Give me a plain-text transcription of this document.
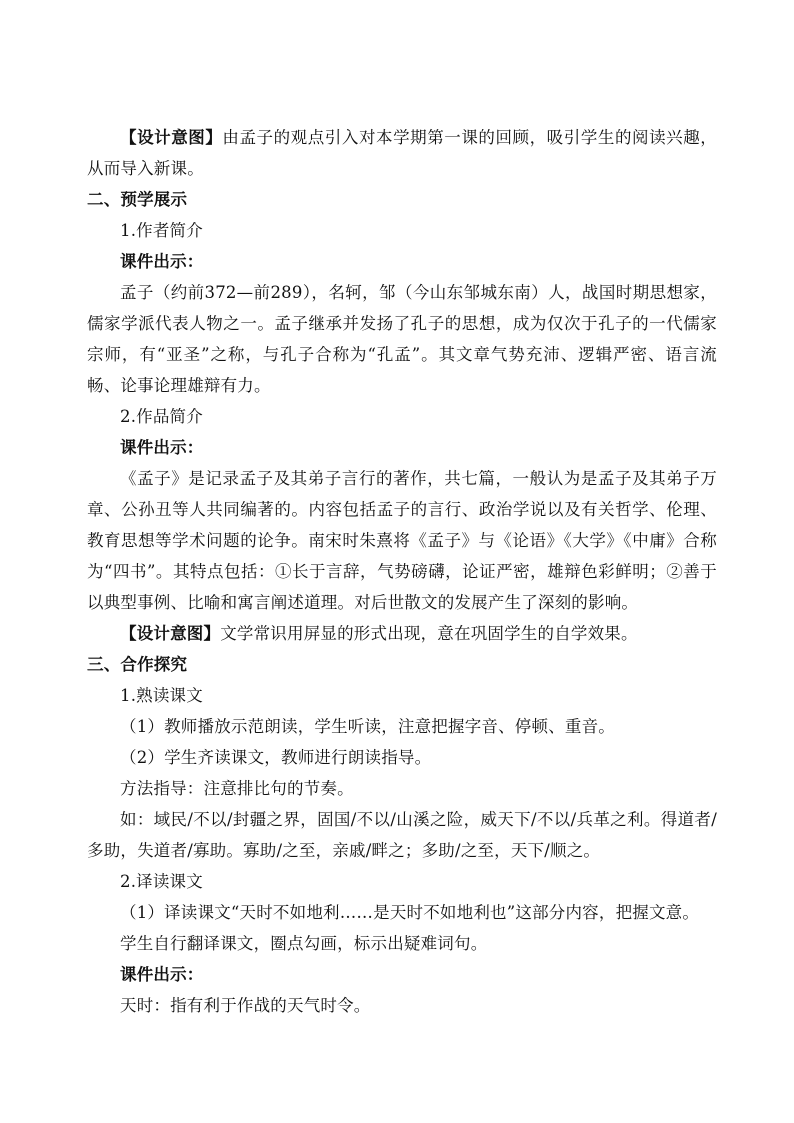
【设计意图】由孟子的观点引入对本学期第一课的回顾，吸引学生的阅读兴趣，从而导入新课。

二、预学展示

1.作者简介

课件出示：

孟子（约前372—前289），名轲，邹（今山东邹城东南）人，战国时期思想家，儒家学派代表人物之一。孟子继承并发扬了孔子的思想，成为仅次于孔子的一代儒家宗师，有“亚圣”之称，与孔子合称为“孔孟”。其文章气势充沛、逻辑严密、语言流畅、论事论理雄辩有力。

2.作品简介

课件出示：

《孟子》是记录孟子及其弟子言行的著作，共七篇，一般认为是孟子及其弟子万章、公孙丑等人共同编著的。内容包括孟子的言行、政治学说以及有关哲学、伦理、教育思想等学术问题的论争。南宋时朱熹将《孟子》与《论语》《大学》《中庸》合称为“四书”。其特点包括：①长于言辞，气势磅礴，论证严密，雄辩色彩鲜明；②善于以典型事例、比喻和寓言阐述道理。对后世散文的发展产生了深刻的影响。

【设计意图】文学常识用屏显的形式出现，意在巩固学生的自学效果。

三、合作探究

1.熟读课文

（1）教师播放示范朗读，学生听读，注意把握字音、停顿、重音。

（2）学生齐读课文，教师进行朗读指导。

方法指导：注意排比句的节奏。

如：域民/不以/封疆之界，固国/不以/山溪之险，威天下/不以/兵革之利。得道者/多助，失道者/寡助。寡助/之至，亲戚/畔之；多助/之至，天下/顺之。

2.译读课文

（1）译读课文“天时不如地利……是天时不如地利也”这部分内容，把握文意。

学生自行翻译课文，圈点勾画，标示出疑难词句。

课件出示：

天时：指有利于作战的天气时令。
